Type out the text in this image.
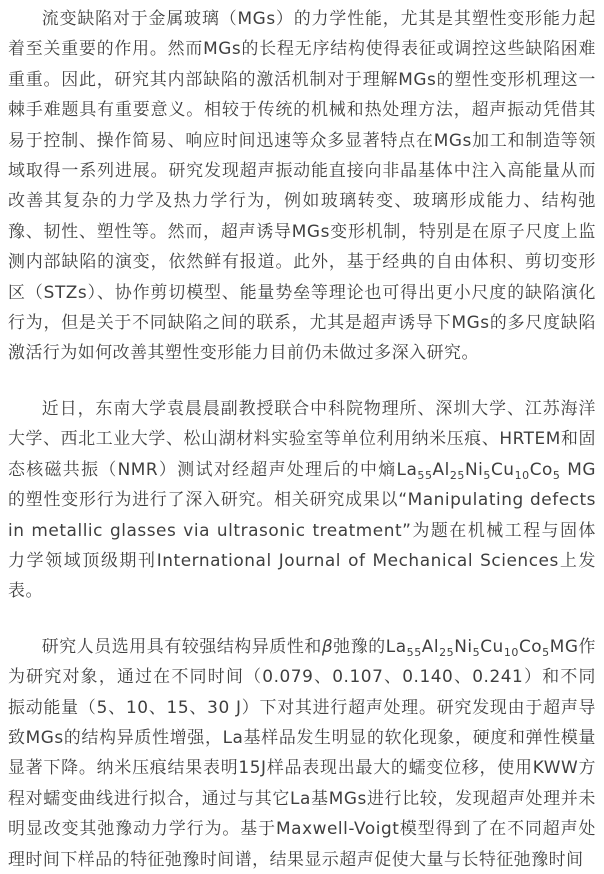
流变缺陷对于金属玻璃（MGs）的力学性能，尤其是其塑性变形能力起着至关重要的作用。然而MGs的长程无序结构使得表征或调控这些缺陷困难重重。因此，研究其内部缺陷的激活机制对于理解MGs的塑性变形机理这一棘手难题具有重要意义。相较于传统的机械和热处理方法，超声振动凭借其易于控制、操作简易、响应时间迅速等众多显著特点在MGs加工和制造等领域取得一系列进展。研究发现超声振动能直接向非晶基体中注入高能量从而改善其复杂的力学及热力学行为，例如玻璃转变、玻璃形成能力、结构弛豫、韧性、塑性等。然而，超声诱导MGs变形机制，特别是在原子尺度上监测内部缺陷的演变，依然鲜有报道。此外，基于经典的自由体积、剪切变形区（STZs）、协作剪切模型、能量势垒等理论也可得出更小尺度的缺陷演化行为，但是关于不同缺陷之间的联系，尤其是超声诱导下MGs的多尺度缺陷激活行为如何改善其塑性变形能力目前仍未做过多深入研究。

近日，东南大学袁晨晨副教授联合中科院物理所、深圳大学、江苏海洋大学、西北工业大学、松山湖材料实验室等单位利用纳米压痕、HRTEM和固态核磁共振（NMR）测试对经超声处理后的中熵$La_{55}Al_{25}Ni_5Cu_{10}Co_5$ MG的塑性变形行为进行了深入研究。相关研究成果以“Manipulating defects in metallic glasses via ultrasonic treatment”为题在机械工程与固体力学领域顶级期刊International Journal of Mechanical Sciences上发表。

研究人员选用具有较强结构异质性和β弛豫的$La_{55}Al_{25}Ni_5Cu_{10}Co_5MG$作为研究对象，通过在不同时间（0.079、0.107、0.140、0.241）和不同振动能量（5、10、15、30 J）下对其进行超声处理。研究发现由于超声导致MGs的结构异质性增强，La基样品发生明显的软化现象，硬度和弹性模量显著下降。纳米压痕结果表明15J样品表现出最大的蠕变位移，使用KWW方程对蠕变曲线进行拟合，通过与其它La基MGs进行比较，发现超声处理并未明显改变其弛豫动力学行为。基于Maxwell-Voigt模型得到了在不同超声处理时间下样品的特征弛豫时间谱，结果显示超声促使大量与长特征弛豫时间
